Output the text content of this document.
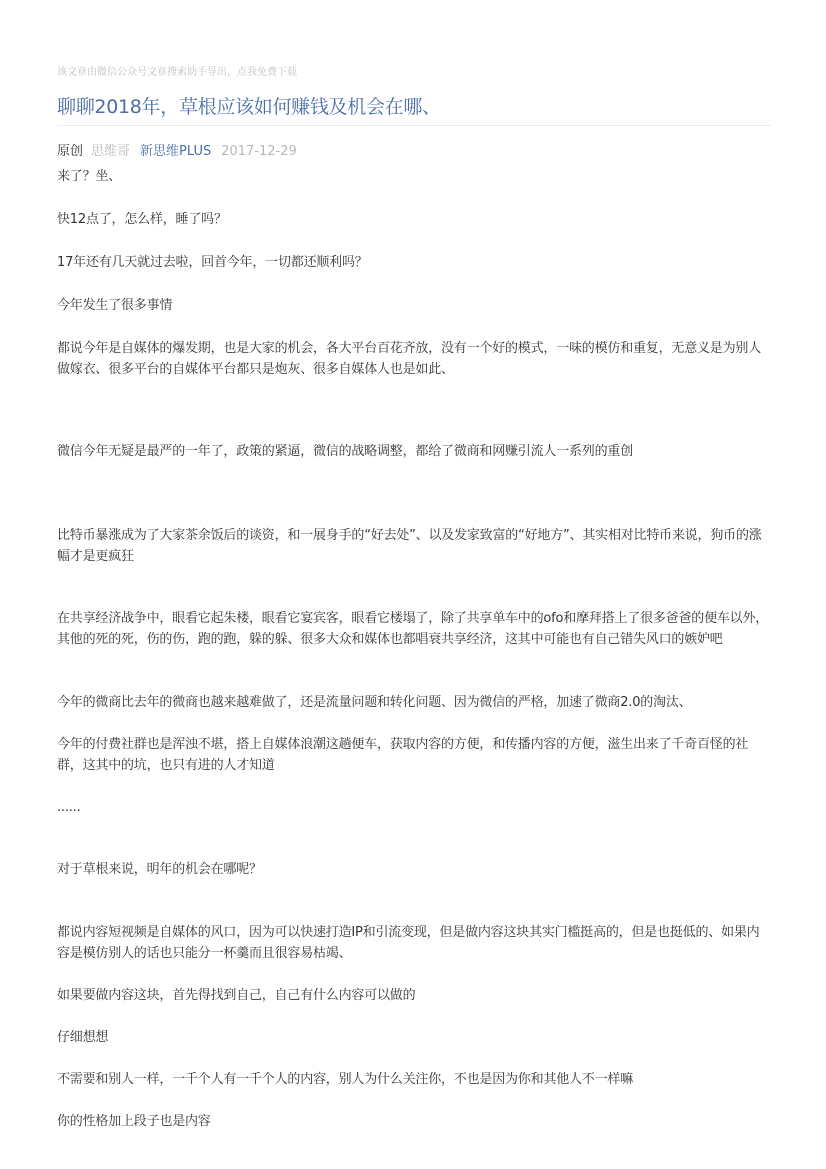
该文章由微信公众号文章搜索助手导出，点我免费下载
聊聊2018年，草根应该如何赚钱及机会在哪、
原创 思维哥 新思维PLUS 2017-12-29

来了？坐、

快12点了，怎么样，睡了吗？

17年还有几天就过去啦，回首今年，一切都还顺利吗？

今年发生了很多事情

都说今年是自媒体的爆发期，也是大家的机会，各大平台百花齐放，没有一个好的模式，一味的模仿和重复，无意义是为别人做嫁衣、很多平台的自媒体平台都只是炮灰、很多自媒体人也是如此、

微信今年无疑是最严的一年了，政策的紧逼，微信的战略调整，都给了微商和网赚引流人一系列的重创

比特币暴涨成为了大家茶余饭后的谈资，和一展身手的“好去处”、以及发家致富的“好地方”、其实相对比特币来说，狗币的涨幅才是更疯狂

在共享经济战争中，眼看它起朱楼，眼看它宴宾客，眼看它楼塌了，除了共享单车中的ofo和摩拜搭上了很多爸爸的便车以外，其他的死的死，伤的伤，跑的跑，躲的躲、很多大众和媒体也都唱衰共享经济，这其中可能也有自己错失风口的嫉妒吧

今年的微商比去年的微商也越来越难做了，还是流量问题和转化问题、因为微信的严格，加速了微商2.0的淘汰、

今年的付费社群也是浑浊不堪，搭上自媒体浪潮这趟便车，获取内容的方便，和传播内容的方便，滋生出来了千奇百怪的社群，这其中的坑，也只有进的人才知道

......

对于草根来说，明年的机会在哪呢？

都说内容短视频是自媒体的风口，因为可以快速打造IP和引流变现，但是做内容这块其实门槛挺高的，但是也挺低的、如果内容是模仿别人的话也只能分一杯羹而且很容易枯竭、

如果要做内容这块，首先得找到自己，自己有什么内容可以做的

仔细想想

不需要和别人一样，一千个人有一千个人的内容，别人为什么关注你，不也是因为你和其他人不一样嘛

你的性格加上段子也是内容
